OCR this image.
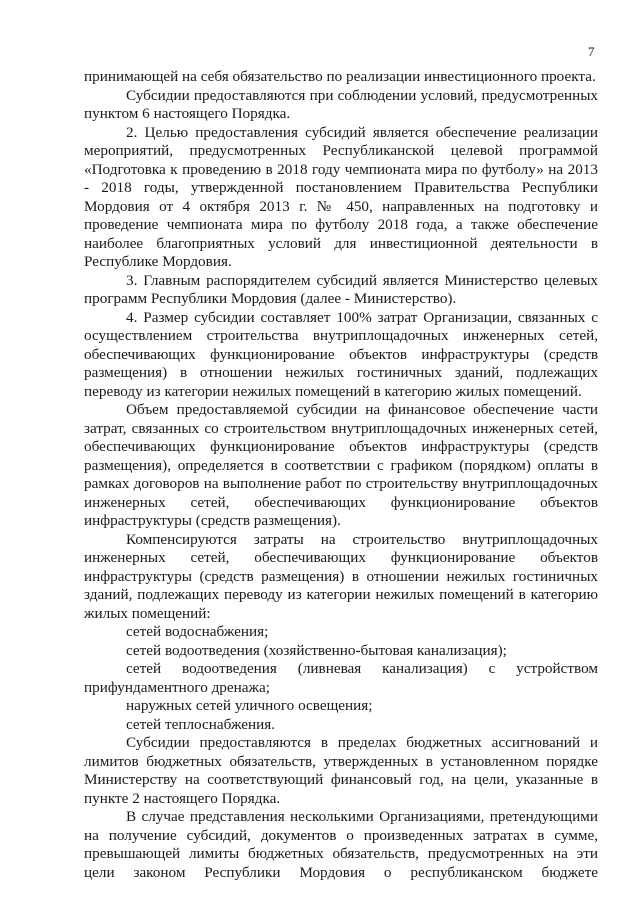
7

принимающей на себя обязательство по реализации инвестиционного проекта.

Субсидии предоставляются при соблюдении условий, предусмотренных пунктом 6 настоящего Порядка.

2. Целью предоставления субсидий является обеспечение реализации мероприятий, предусмотренных Республиканской целевой программой «Подготовка к проведению в 2018 году чемпионата мира по футболу» на 2013 - 2018 годы, утвержденной постановлением Правительства Республики Мордовия от 4 октября 2013 г. № 450, направленных на подготовку и проведение чемпионата мира по футболу 2018 года, а также обеспечение наиболее благоприятных условий для инвестиционной деятельности в Республике Мордовия.

3. Главным распорядителем субсидий является Министерство целевых программ Республики Мордовия (далее - Министерство).

4. Размер субсидии составляет 100% затрат Организации, связанных с осуществлением строительства внутриплощадочных инженерных сетей, обеспечивающих функционирование объектов инфраструктуры (средств размещения) в отношении нежилых гостиничных зданий, подлежащих переводу из категории нежилых помещений в категорию жилых помещений.

Объем предоставляемой субсидии на финансовое обеспечение части затрат, связанных со строительством внутриплощадочных инженерных сетей, обеспечивающих функционирование объектов инфраструктуры (средств размещения), определяется в соответствии с графиком (порядком) оплаты в рамках договоров на выполнение работ по строительству внутриплощадочных инженерных сетей, обеспечивающих функционирование объектов инфраструктуры (средств размещения).

Компенсируются затраты на строительство внутриплощадочных инженерных сетей, обеспечивающих функционирование объектов инфраструктуры (средств размещения) в отношении нежилых гостиничных зданий, подлежащих переводу из категории нежилых помещений в категорию жилых помещений:

сетей водоснабжения;

сетей водоотведения (хозяйственно-бытовая канализация);

сетей водоотведения (ливневая канализация) с устройством прифундаментного дренажа;

наружных сетей уличного освещения;

сетей теплоснабжения.

Субсидии предоставляются в пределах бюджетных ассигнований и лимитов бюджетных обязательств, утвержденных в установленном порядке Министерству на соответствующий финансовый год, на цели, указанные в пункте 2 настоящего Порядка.

В случае представления несколькими Организациями, претендующими на получение субсидий, документов о произведенных затратах в сумме, превышающей лимиты бюджетных обязательств, предусмотренных на эти цели законом Республики Мордовия о республиканском бюджете
